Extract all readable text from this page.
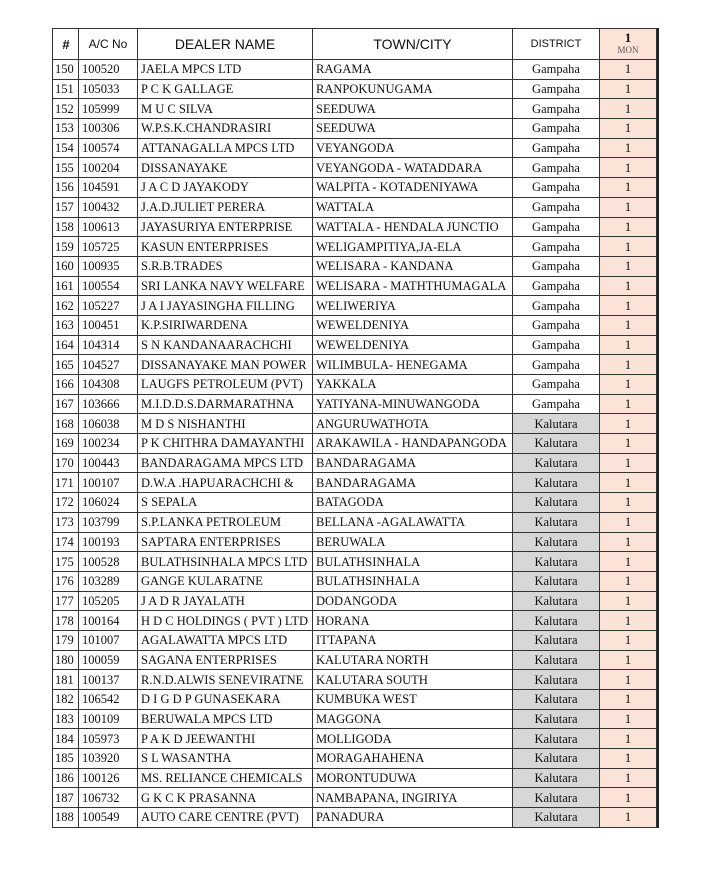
#	A/C No	DEALER NAME	TOWN/CITY	DISTRICT	1
MON

150	100520	JAELA MPCS LTD	RAGAMA	Gampaha	1
151	105033	P C K GALLAGE	RANPOKUNUGAMA	Gampaha	1
152	105999	M U C SILVA	SEEDUWA	Gampaha	1
153	100306	W.P.S.K.CHANDRASIRI	SEEDUWA	Gampaha	1
154	100574	ATTANAGALLA MPCS LTD	VEYANGODA	Gampaha	1
155	100204	DISSANAYAKE	VEYANGODA - WATADDARA	Gampaha	1
156	104591	J A C D JAYAKODY	WALPITA - KOTADENIYAWA	Gampaha	1
157	100432	J.A.D.JULIET PERERA	WATTALA	Gampaha	1
158	100613	JAYASURIYA ENTERPRISE	WATTALA - HENDALA JUNCTIO	Gampaha	1
159	105725	KASUN ENTERPRISES	WELIGAMPITIYA,JA-ELA	Gampaha	1
160	100935	S.R.B.TRADES	WELISARA - KANDANA	Gampaha	1
161	100554	SRI LANKA NAVY WELFARE	WELISARA - MATHTHUMAGALA	Gampaha	1
162	105227	J A I JAYASINGHA FILLING	WELIWERIYA	Gampaha	1
163	100451	K.P.SIRIWARDENA	WEWELDENIYA	Gampaha	1
164	104314	S N KANDANAARACHCHI	WEWELDENIYA	Gampaha	1
165	104527	DISSANAYAKE MAN POWER	WILIMBULA- HENEGAMA	Gampaha	1
166	104308	LAUGFS PETROLEUM (PVT)	YAKKALA	Gampaha	1
167	103666	M.I.D.D.S.DARMARATHNA	YATIYANA-MINUWANGODA	Gampaha	1
168	106038	M D S NISHANTHI	ANGURUWATHOTA	Kalutara	1
169	100234	P K CHITHRA DAMAYANTHI	ARAKAWILA - HANDAPANGODA	Kalutara	1
170	100443	BANDARAGAMA MPCS LTD	BANDARAGAMA	Kalutara	1
171	100107	D.W.A .HAPUARACHCHI &	BANDARAGAMA	Kalutara	1
172	106024	S SEPALA	BATAGODA	Kalutara	1
173	103799	S.P.LANKA PETROLEUM	BELLANA -AGALAWATTA	Kalutara	1
174	100193	SAPTARA ENTERPRISES	BERUWALA	Kalutara	1
175	100528	BULATHSINHALA MPCS LTD	BULATHSINHALA	Kalutara	1
176	103289	GANGE KULARATNE	BULATHSINHALA	Kalutara	1
177	105205	J A D R JAYALATH	DODANGODA	Kalutara	1
178	100164	H D C HOLDINGS ( PVT ) LTD	HORANA	Kalutara	1
179	101007	AGALAWATTA MPCS LTD	ITTAPANA	Kalutara	1
180	100059	SAGANA ENTERPRISES	KALUTARA NORTH	Kalutara	1
181	100137	R.N.D.ALWIS SENEVIRATNE	KALUTARA SOUTH	Kalutara	1
182	106542	D I G D P GUNASEKARA	KUMBUKA WEST	Kalutara	1
183	100109	BERUWALA MPCS LTD	MAGGONA	Kalutara	1
184	105973	P A K D JEEWANTHI	MOLLIGODA	Kalutara	1
185	103920	S L WASANTHA	MORAGAHAHENA	Kalutara	1
186	100126	MS. RELIANCE CHEMICALS	MORONTUDUWA	Kalutara	1
187	106732	G K C K PRASANNA	NAMBAPANA, INGIRIYA	Kalutara	1
188	100549	AUTO CARE CENTRE (PVT)	PANADURA	Kalutara	1
